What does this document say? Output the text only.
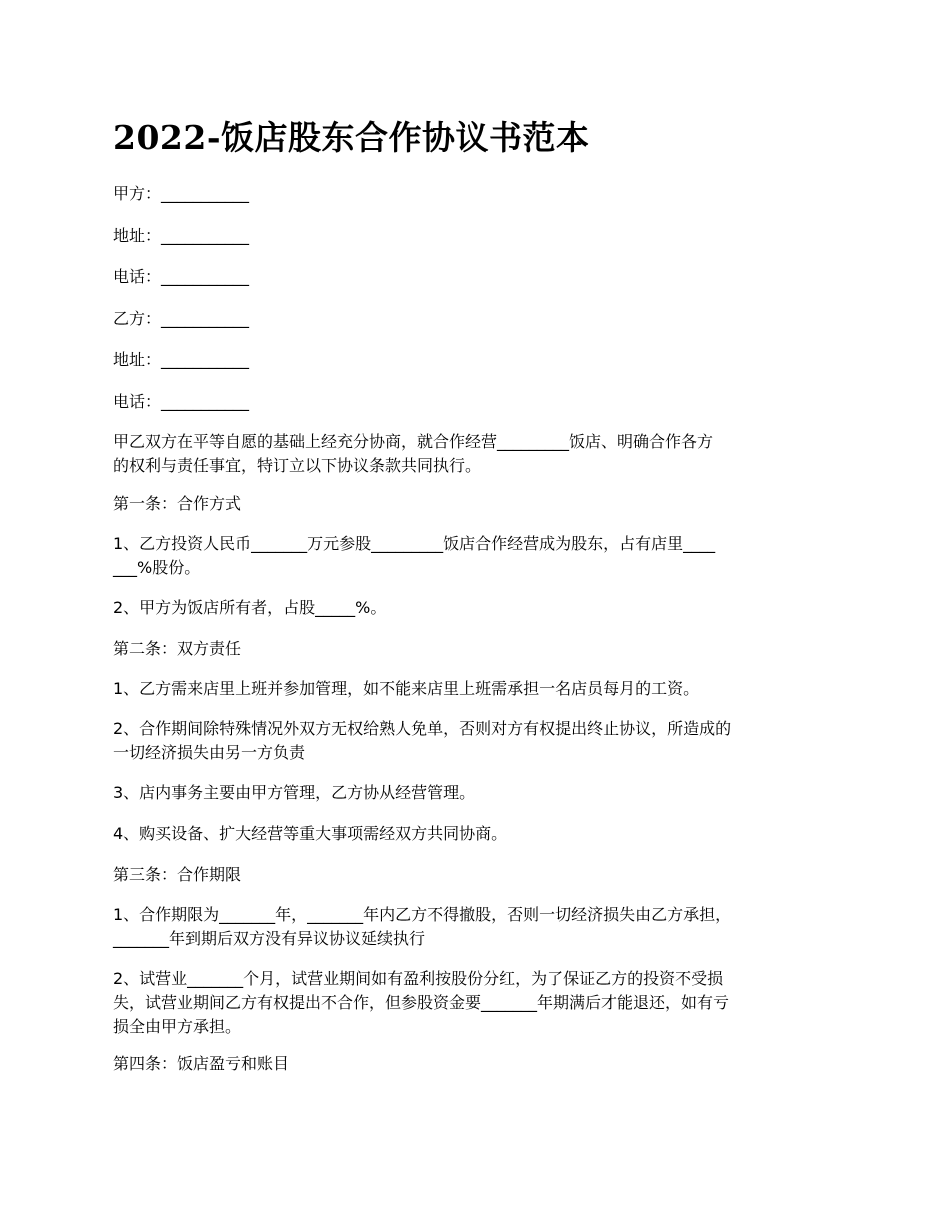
2022-饭店股东合作协议书范本

甲方：___________

地址：___________

电话：___________

乙方：___________

地址：___________

电话：___________

甲乙双方在平等自愿的基础上经充分协商，就合作经营_________饭店、明确合作各方
的权利与责任事宜，特订立以下协议条款共同执行。

第一条：合作方式

1、乙方投资人民币_______万元参股_________饭店合作经营成为股东，占有店里____
___%股份。

2、甲方为饭店所有者，占股_____%。

第二条：双方责任

1、乙方需来店里上班并参加管理，如不能来店里上班需承担一名店员每月的工资。

2、合作期间除特殊情况外双方无权给熟人免单，否则对方有权提出终止协议，所造成的
一切经济损失由另一方负责

3、店内事务主要由甲方管理，乙方协从经营管理。

4、购买设备、扩大经营等重大事项需经双方共同协商。

第三条：合作期限

1、合作期限为_______年，_______年内乙方不得撤股，否则一切经济损失由乙方承担，
_______年到期后双方没有异议协议延续执行

2、试营业_______个月，试营业期间如有盈利按股份分红，为了保证乙方的投资不受损
失，试营业期间乙方有权提出不合作，但参股资金要_______年期满后才能退还，如有亏
损全由甲方承担。

第四条：饭店盈亏和账目
